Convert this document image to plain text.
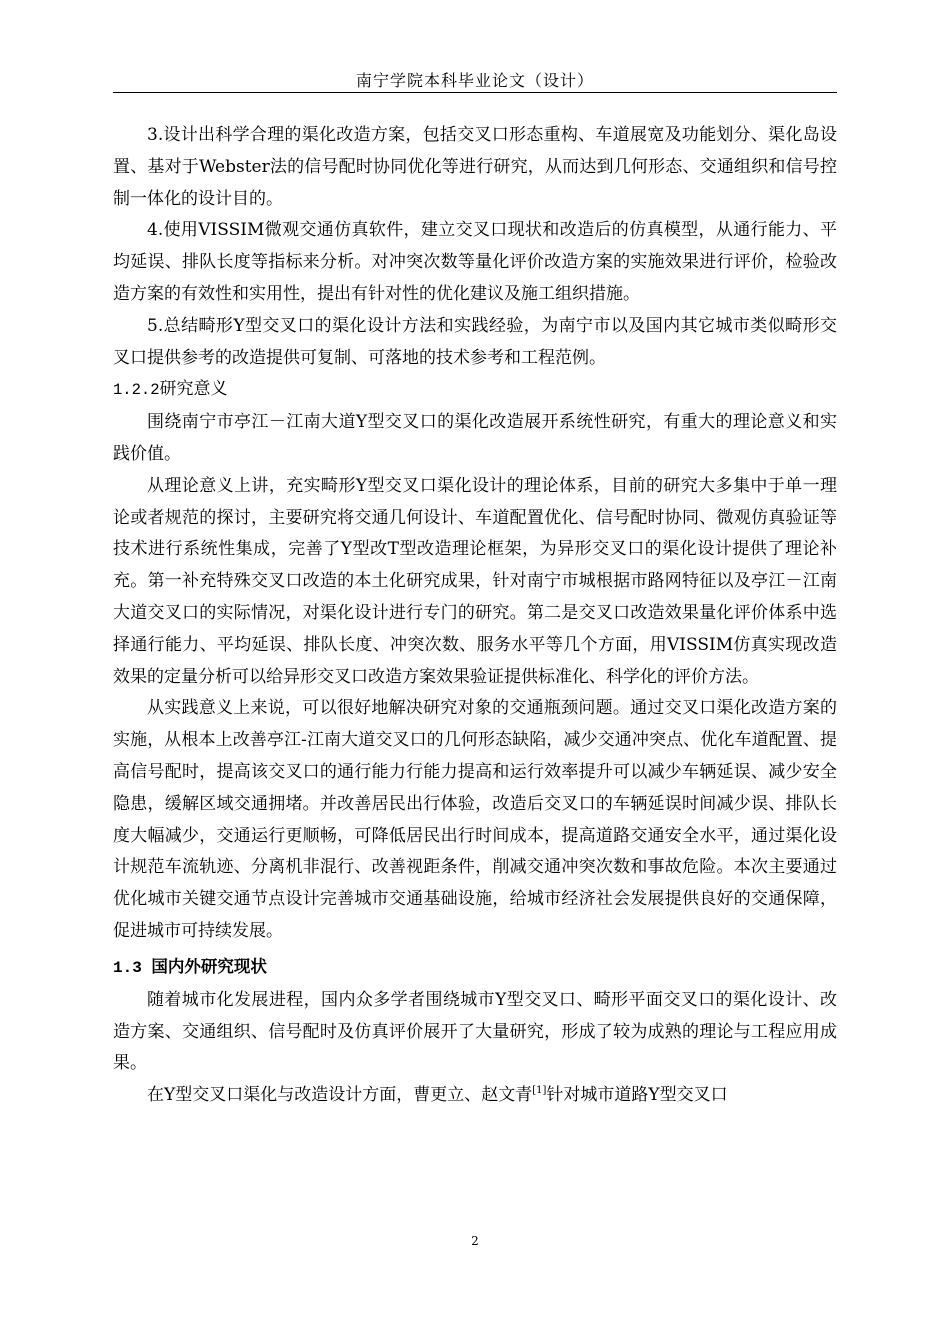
南宁学院本科毕业论文（设计）

3.设计出科学合理的渠化改造方案，包括交叉口形态重构、车道展宽及功能划分、渠化岛设置、基对于Webster法的信号配时协同优化等进行研究，从而达到几何形态、交通组织和信号控制一体化的设计目的。

4.使用VISSIM微观交通仿真软件，建立交叉口现状和改造后的仿真模型，从通行能力、平均延误、排队长度等指标来分析。对冲突次数等量化评价改造方案的实施效果进行评价，检验改造方案的有效性和实用性，提出有针对性的优化建议及施工组织措施。

5.总结畸形Y型交叉口的渠化设计方法和实践经验，为南宁市以及国内其它城市类似畸形交叉口提供参考的改造提供可复制、可落地的技术参考和工程范例。

1.2.2研究意义

围绕南宁市亭江－江南大道Y型交叉口的渠化改造展开系统性研究，有重大的理论意义和实践价值。

从理论意义上讲，充实畸形Y型交叉口渠化设计的理论体系，目前的研究大多集中于单一理论或者规范的探讨，主要研究将交通几何设计、车道配置优化、信号配时协同、微观仿真验证等技术进行系统性集成，完善了Y型改T型改造理论框架，为异形交叉口的渠化设计提供了理论补充。第一补充特殊交叉口改造的本土化研究成果，针对南宁市城根据市路网特征以及亭江－江南大道交叉口的实际情况，对渠化设计进行专门的研究。第二是交叉口改造效果量化评价体系中选择通行能力、平均延误、排队长度、冲突次数、服务水平等几个方面，用VISSIM仿真实现改造效果的定量分析可以给异形交叉口改造方案效果验证提供标准化、科学化的评价方法。

从实践意义上来说，可以很好地解决研究对象的交通瓶颈问题。通过交叉口渠化改造方案的实施，从根本上改善亭江-江南大道交叉口的几何形态缺陷，减少交通冲突点、优化车道配置、提高信号配时，提高该交叉口的通行能力行能力提高和运行效率提升可以减少车辆延误、减少安全隐患，缓解区域交通拥堵。并改善居民出行体验，改造后交叉口的车辆延误时间减少误、排队长度大幅减少，交通运行更顺畅，可降低居民出行时间成本，提高道路交通安全水平，通过渠化设计规范车流轨迹、分离机非混行、改善视距条件，削减交通冲突次数和事故危险。本次主要通过优化城市关键交通节点设计完善城市交通基础设施，给城市经济社会发展提供良好的交通保障，促进城市可持续发展。

1.3 国内外研究现状

随着城市化发展进程，国内众多学者围绕城市Y型交叉口、畸形平面交叉口的渠化设计、改造方案、交通组织、信号配时及仿真评价展开了大量研究，形成了较为成熟的理论与工程应用成果。

在Y型交叉口渠化与改造设计方面，曹更立、赵文青[1]针对城市道路Y型交叉口

2
